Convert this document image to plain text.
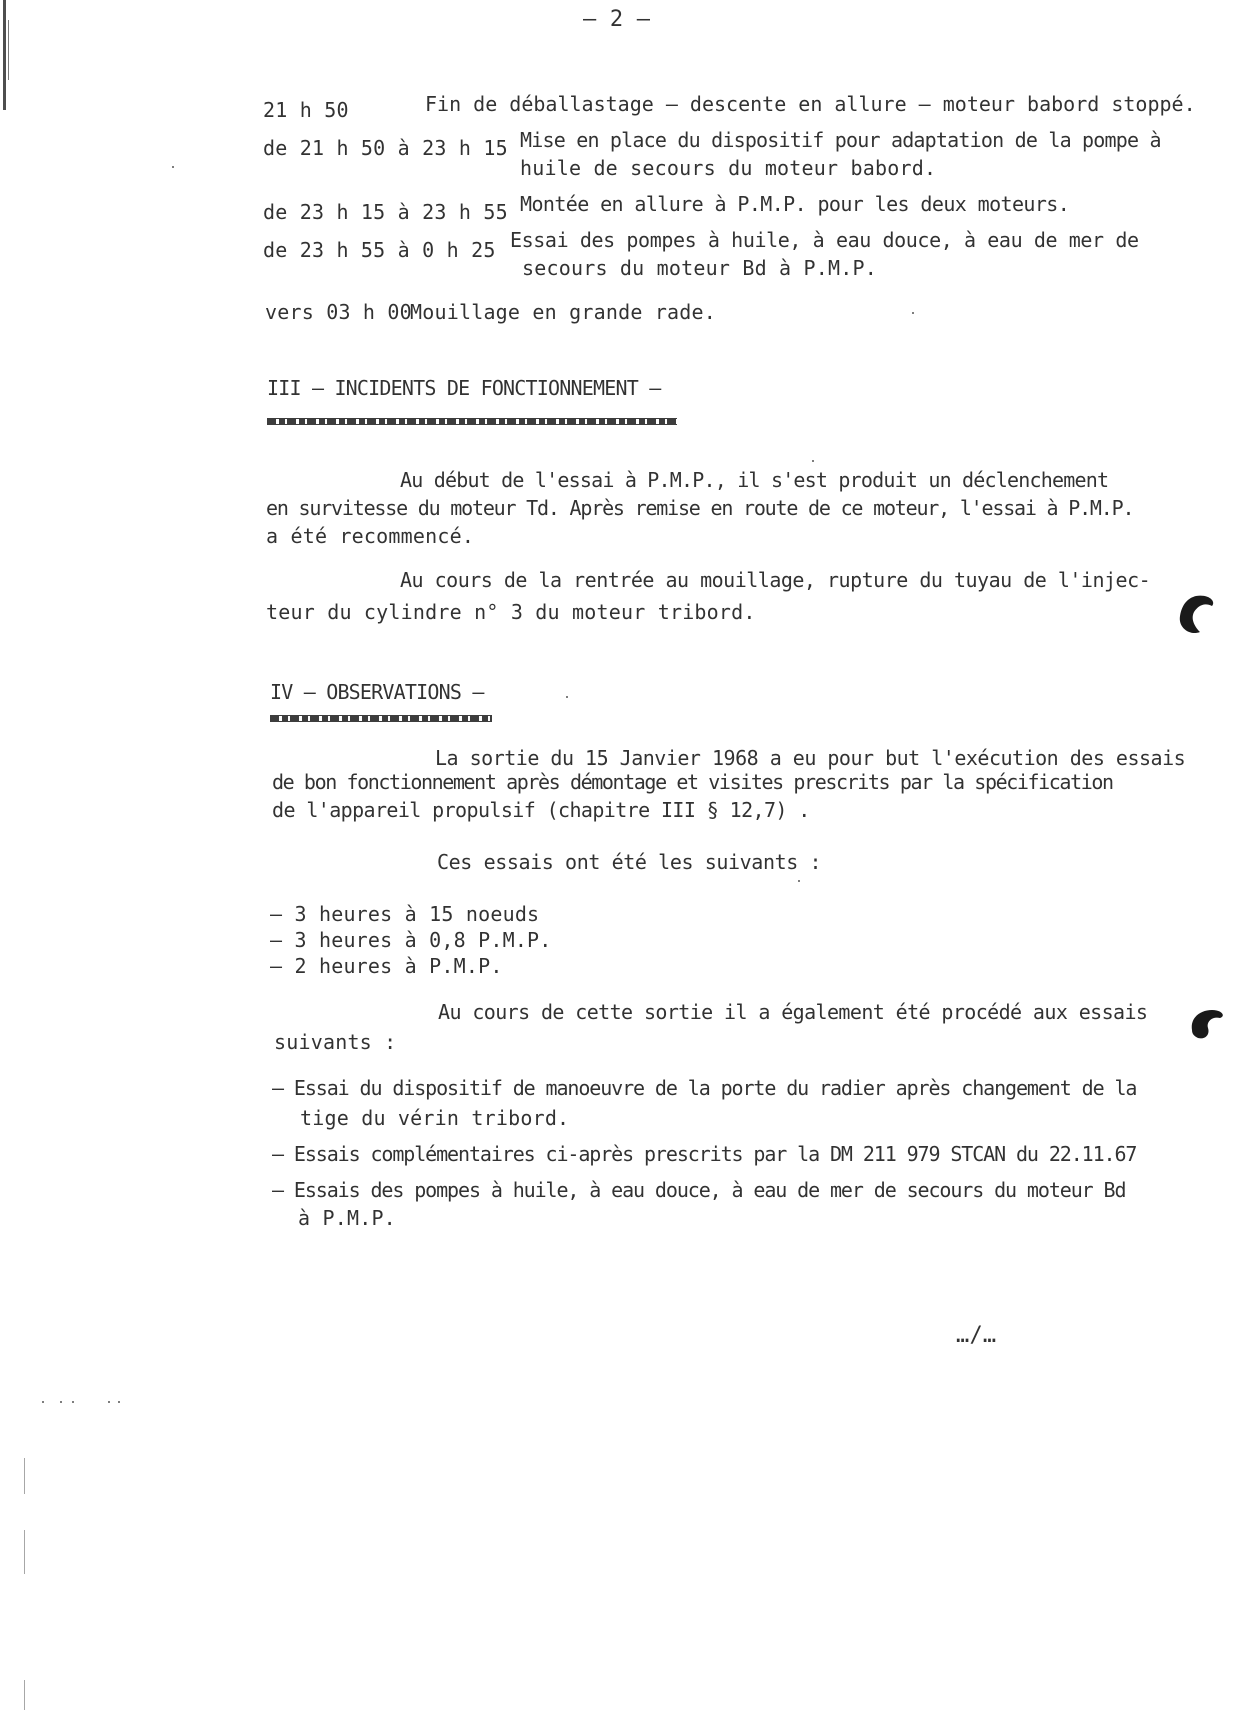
– 2 –
21 h 50	Fin de déballastage – descente en allure – moteur babord stoppé.
de 21 h 50 à 23 h 15 Mise en place du dispositif pour adaptation de la pompe à
huile de secours du moteur babord.
de 23 h 15 à 23 h 55 Montée en allure à P.M.P. pour les deux moteurs.
de 23 h 55 à 0 h 25 Essai des pompes à huile, à eau douce, à eau de mer de
secours du moteur Bd à P.M.P.
vers 03 h 00
Mouillage en grande rade.
III – INCIDENTS DE FONCTIONNEMENT –
Au début de l'essai à P.M.P., il s'est produit un déclenchement
en survitesse du moteur Td. Après remise en route de ce moteur, l'essai à P.M.P.
a été recommencé.
Au cours de la rentrée au mouillage, rupture du tuyau de l'injec-
teur du cylindre n° 3 du moteur tribord.
IV – OBSERVATIONS –
La sortie du 15 Janvier 1968 a eu pour but l'exécution des essais
de bon fonctionnement après démontage et visites prescrits par la spécification
de l'appareil propulsif (chapitre III § 12,7) .
Ces essais ont été les suivants :
– 3 heures à 15 noeuds
– 3 heures à 0,8 P.M.P.
– 2 heures à P.M.P.
Au cours de cette sortie il a également été procédé aux essais
suivants :
– Essai du dispositif de manoeuvre de la porte du radier après changement de la
tige du vérin tribord.
– Essais complémentaires ci-après prescrits par la DM 211 979 STCAN du 22.11.67
– Essais des pompes à huile, à eau douce, à eau de mer de secours du moteur Bd
à P.M.P.
…/…
